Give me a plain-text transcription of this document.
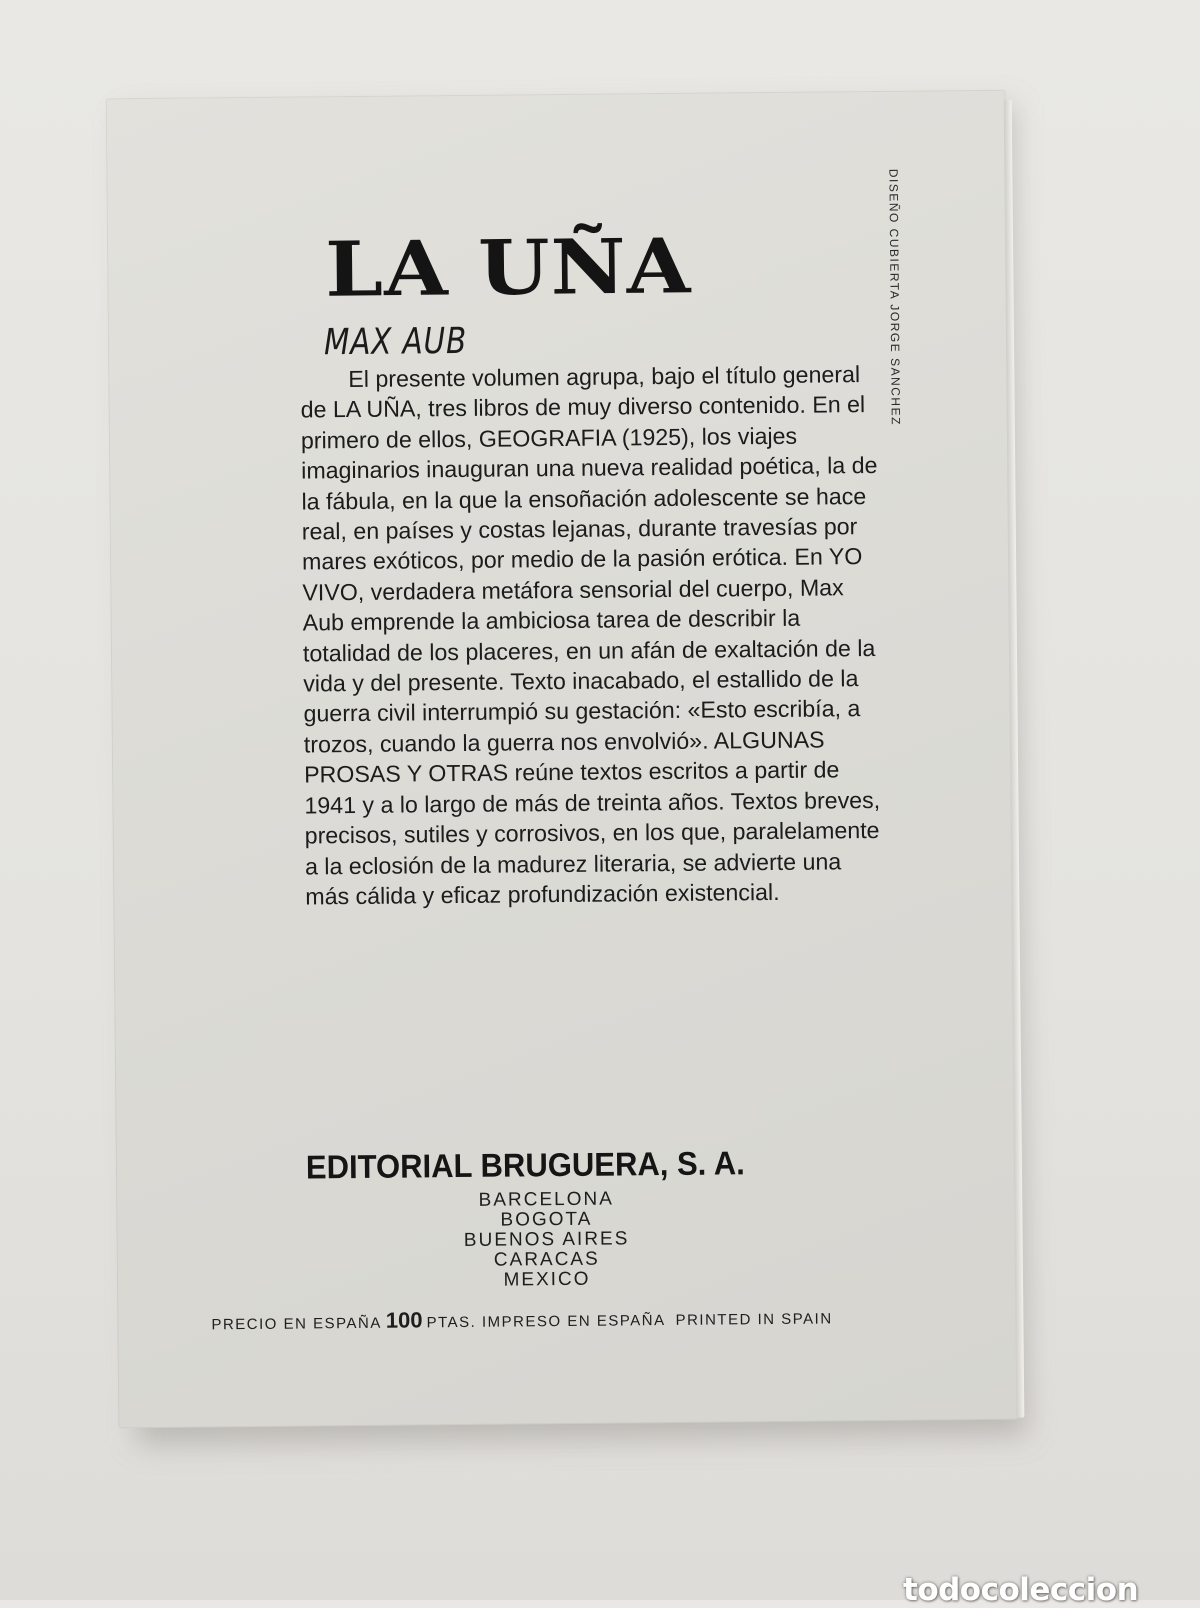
LA UÑA
MAX AUB

El presente volumen agrupa, bajo el título general de LA UÑA, tres libros de muy diverso contenido. En el primero de ellos, GEOGRAFIA (1925), los viajes imaginarios inauguran una nueva realidad poética, la de la fábula, en la que la ensoñación adolescente se hace real, en países y costas lejanas, durante travesías por mares exóticos, por medio de la pasión erótica. En YO VIVO, verdadera metáfora sensorial del cuerpo, Max Aub emprende la ambiciosa tarea de describir la totalidad de los placeres, en un afán de exaltación de la vida y del presente. Texto inacabado, el estallido de la guerra civil interrumpió su gestación: «Esto escribía, a trozos, cuando la guerra nos envolvió». ALGUNAS PROSAS Y OTRAS reúne textos escritos a partir de 1941 y a lo largo de más de treinta años. Textos breves, precisos, sutiles y corrosivos, en los que, paralelamente a la eclosión de la madurez literaria, se advierte una más cálida y eficaz profundización existencial.

DISEÑO CUBIERTA JORGE SANCHEZ

EDITORIAL BRUGUERA, S. A.

BARCELONA
BOGOTA
BUENOS AIRES
CARACAS
MEXICO

PRECIO EN ESPAÑA 100 PTAS. IMPRESO EN ESPAÑA PRINTED IN SPAIN

todocoleccion
